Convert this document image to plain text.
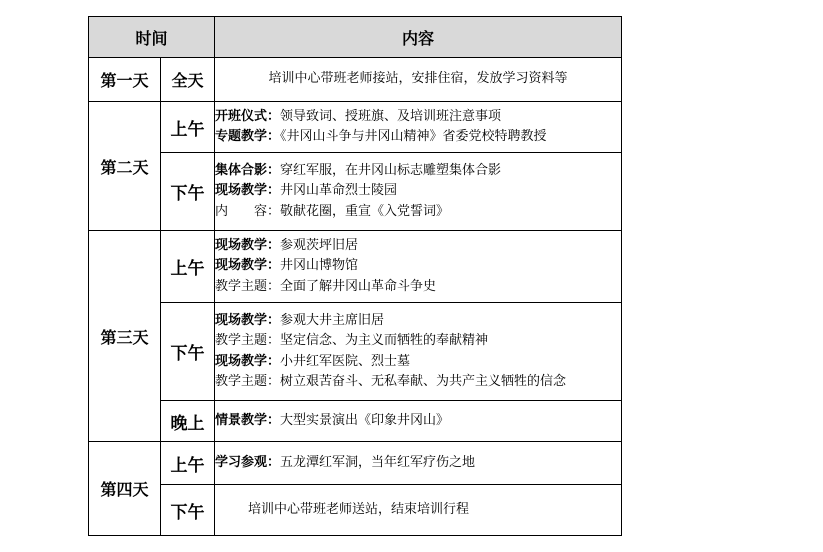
时间		内容
第一天	全天	培训中心带班老师接站，安排住宿，发放学习资料等
第二天	上午	开班仪式：领导致词、授班旗、及培训班注意事项
专题教学：《井冈山斗争与井冈山精神》省委党校特聘教授

	下午	集体合影：穿红军服，在井冈山标志雕塑集体合影
现场教学：井冈山革命烈士陵园
内　　容：敬献花圈，重宣《入党誓词》

第三天	上午	现场教学：参观茨坪旧居
现场教学：井冈山博物馆
教学主题：全面了解井冈山革命斗争史

	下午	现场教学：参观大井主席旧居
教学主题：坚定信念、为主义而牺牲的奉献精神
现场教学：小井红军医院、烈士墓
教学主题：树立艰苦奋斗、无私奉献、为共产主义牺牲的信念

	晚上	情景教学：大型实景演出《印象井冈山》

第四天	上午	学习参观：五龙潭红军洞，当年红军疗伤之地

	下午	培训中心带班老师送站，结束培训行程
